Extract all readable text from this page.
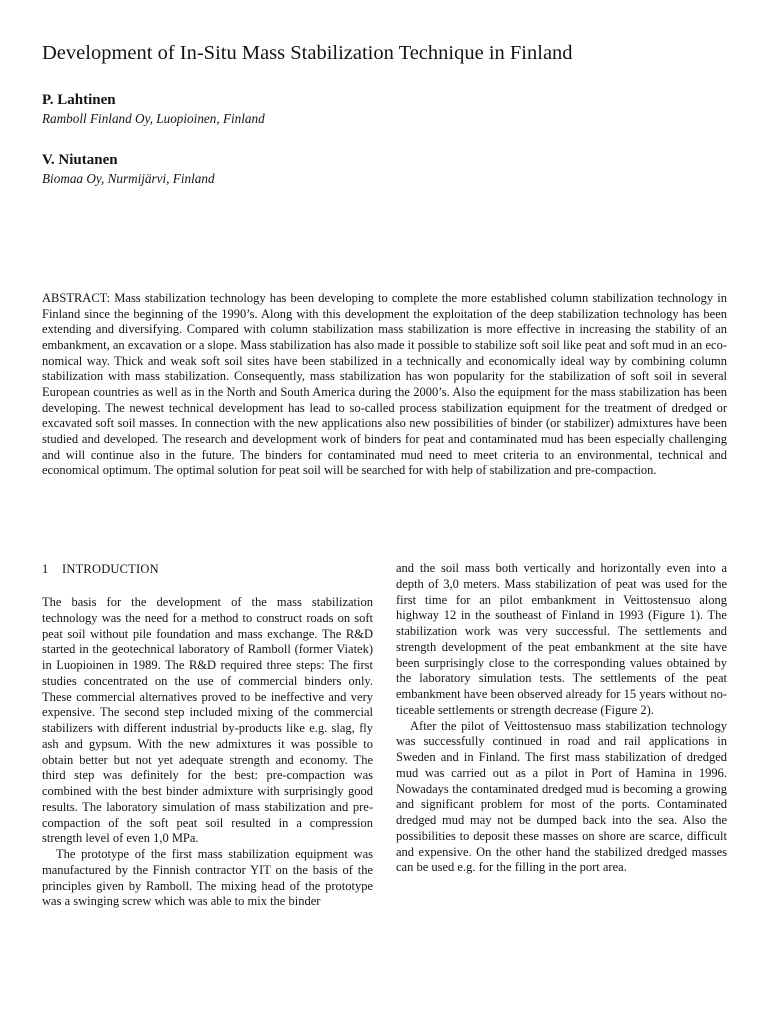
Development of In-Situ Mass Stabilization Technique in Finland

P. Lahtinen

Ramboll Finland Oy, Luopioinen, Finland

V. Niutanen

Biomaa Oy, Nurmijärvi, Finland

ABSTRACT: Mass stabilization technology has been developing to complete the more established column stabilization technology in Finland since the beginning of the 1990’s. Along with this development the exploitation of the deep stabilization technology has been extending and diversifying. Compared with column stabilization mass stabilization is more effective in increasing the stability of an embankment, an excavation or a slope. Mass stabilization has also made it possible to stabilize soft soil like peat and soft mud in an economical way. Thick and weak soft soil sites have been stabilized in a technically and economically ideal way by combining column stabilization with mass stabilization. Consequently, mass stabilization has won popularity for the stabilization of soft soil in several European countries as well as in the North and South America during the 2000’s. Also the equipment for the mass stabilization has been developing. The newest technical development has lead to so-called process stabilization equipment for the treatment of dredged or excavated soft soil masses. In connection with the new applications also new possibilities of binder (or stabilizer) admixtures have been studied and developed. The research and development work of binders for peat and contaminated mud has been especially challenging and will continue also in the future. The binders for contaminated mud need to meet criteria to an environmental, technical and economical optimum. The optimal solution for peat soil will be searched for with help of stabilization and pre-compaction.

1 INTRODUCTION

The basis for the development of the mass stabilization technology was the need for a method to construct roads on soft peat soil without pile foundation and mass exchange. The R&D started in the geotechnical laboratory of Ramboll (former Viatek) in Luopioinen in 1989. The R&D required three steps: The first studies concentrated on the use of commercial binders only. These commercial alternatives proved to be ineffective and very expensive. The second step included mixing of the commercial stabilizers with different industrial by-products like e.g. slag, fly ash and gypsum. With the new admixtures it was possible to obtain better but not yet adequate strength and economy. The third step was definitely for the best: pre-compaction was combined with the best binder admixture with surprisingly good results. The laboratory simulation of mass stabilization and pre-compaction of the soft peat soil resulted in a compression strength level of even 1,0 MPa.

The prototype of the first mass stabilization equipment was manufactured by the Finnish contractor YIT on the basis of the principles given by Ramboll. The mixing head of the prototype was a swinging screw which was able to mix the binder

and the soil mass both vertically and horizontally even into a depth of 3,0 meters. Mass stabilization of peat was used for the first time for an pilot embankment in Veittostensuo along highway 12 in the southeast of Finland in 1993 (Figure 1). The stabilization work was very successful. The settlements and strength development of the peat embankment at the site have been surprisingly close to the corresponding values obtained by the laboratory simulation tests. The settlements of the peat embankment have been observed already for 15 years without noticeable settlements or strength decrease (Figure 2).

After the pilot of Veittostensuo mass stabilization technology was successfully continued in road and rail applications in Sweden and in Finland. The first mass stabilization of dredged mud was carried out as a pilot in Port of Hamina in 1996. Nowadays the contaminated dredged mud is becoming a growing and significant problem for most of the ports. Contaminated dredged mud may not be dumped back into the sea. Also the possibilities to deposit these masses on shore are scarce, difficult and expensive. On the other hand the stabilized dredged masses can be used e.g. for the filling in the port area.
